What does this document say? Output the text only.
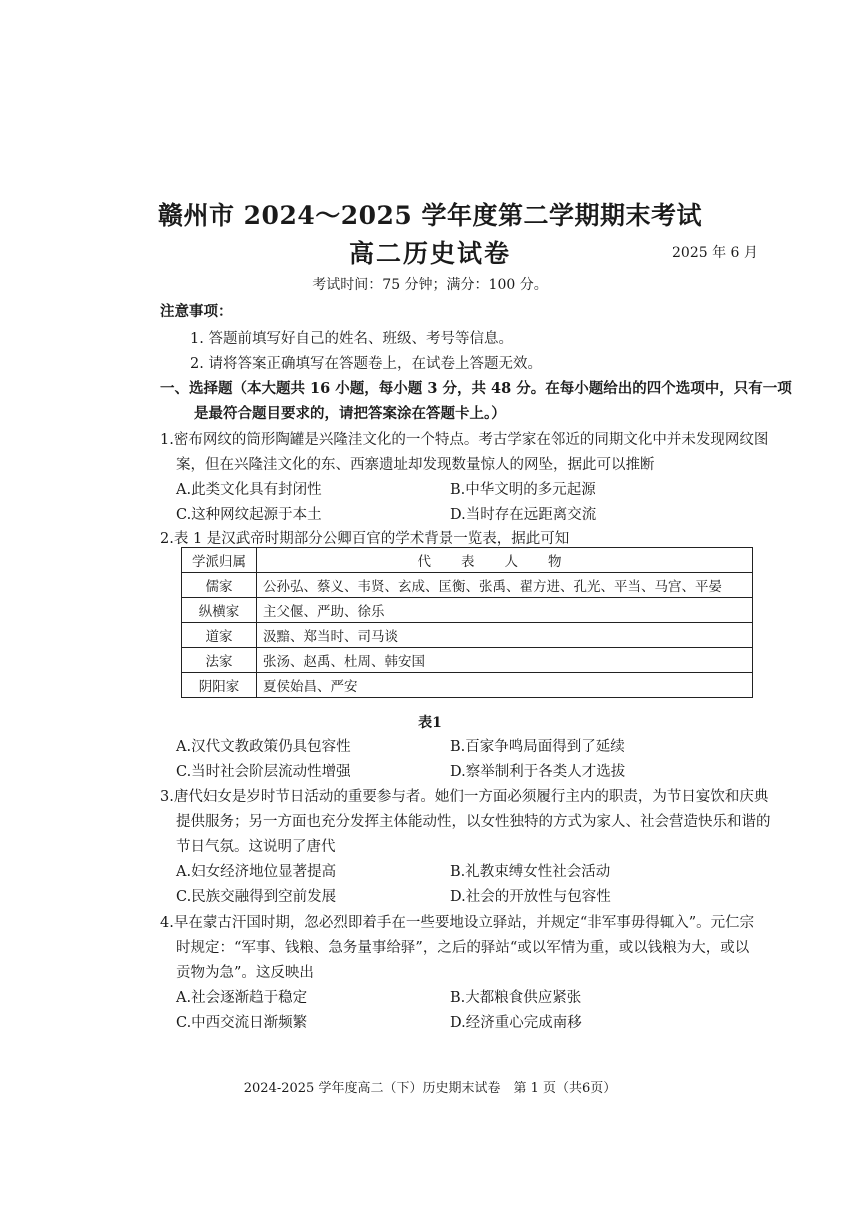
赣州市 2024～2025 学年度第二学期期末考试
高二历史试卷	2025 年 6 月
考试时间：75 分钟；满分：100 分。
注意事项：
1. 答题前填写好自己的姓名、班级、考号等信息。
2. 请将答案正确填写在答题卷上，在试卷上答题无效。
一、选择题（本大题共 16 小题，每小题 3 分，共 48 分。在每小题给出的四个选项中，只有一项
是最符合题目要求的，请把答案涂在答题卡上。）
1.密布网纹的筒形陶罐是兴隆洼文化的一个特点。考古学家在邻近的同期文化中并未发现网纹图
案，但在兴隆洼文化的东、西寨遗址却发现数量惊人的网坠，据此可以推断
A.此类文化具有封闭性	B.中华文明的多元起源
C.这种网纹起源于本土	D.当时存在远距离交流
2.表 1 是汉武帝时期部分公卿百官的学术背景一览表，据此可知
学派归属	代表人物
儒家	公孙弘、蔡义、韦贤、玄成、匡衡、张禹、翟方进、孔光、平当、马宫、平晏
纵横家	主父偃、严助、徐乐
道家	汲黯、郑当时、司马谈
法家	张汤、赵禹、杜周、韩安国
阴阳家	夏侯始昌、严安
表1
A.汉代文教政策仍具包容性	B.百家争鸣局面得到了延续
C.当时社会阶层流动性增强	D.察举制利于各类人才选拔
3.唐代妇女是岁时节日活动的重要参与者。她们一方面必须履行主内的职责，为节日宴饮和庆典
提供服务；另一方面也充分发挥主体能动性，以女性独特的方式为家人、社会营造快乐和谐的
节日气氛。这说明了唐代
A.妇女经济地位显著提高	B.礼教束缚女性社会活动
C.民族交融得到空前发展	D.社会的开放性与包容性
4.早在蒙古汗国时期，忽必烈即着手在一些要地设立驿站，并规定“非军事毋得辄入”。元仁宗
时规定：“军事、钱粮、急务量事给驿”，之后的驿站“或以军情为重，或以钱粮为大，或以
贡物为急”。这反映出
A.社会逐渐趋于稳定	B.大都粮食供应紧张
C.中西交流日渐频繁	D.经济重心完成南移
2024-2025 学年度高二（下）历史期末试卷　第 1 页（共6页）
